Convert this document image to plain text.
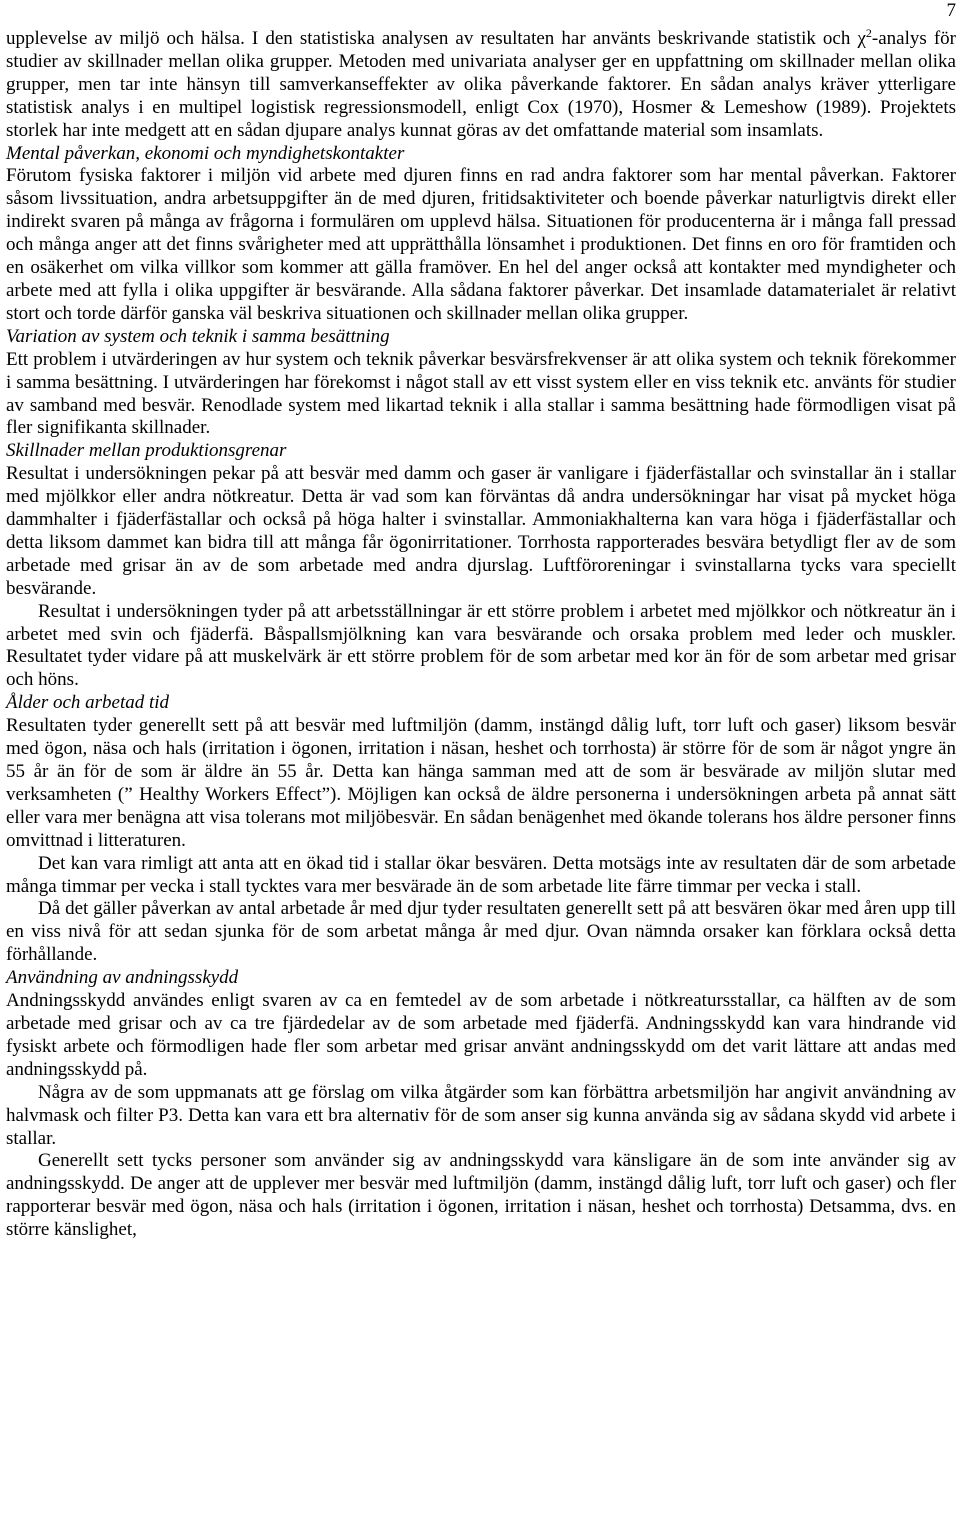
7

upplevelse av miljö och hälsa. I den statistiska analysen av resultaten har använts beskrivande statistik och $\chi^2$-analys för studier av skillnader mellan olika grupper. Metoden med univariata analyser ger en uppfattning om skillnader mellan olika grupper, men tar inte hänsyn till samverkanseffekter av olika påverkande faktorer. En sådan analys kräver ytterligare statistisk analys i en multipel logistisk regressionsmodell, enligt Cox (1970), Hosmer & Lemeshow (1989). Projektets storlek har inte medgett att en sådan djupare analys kunnat göras av det omfattande material som insamlats.

Mental påverkan, ekonomi och myndighetskontakter

Förutom fysiska faktorer i miljön vid arbete med djuren finns en rad andra faktorer som har mental påverkan. Faktorer såsom livssituation, andra arbetsuppgifter än de med djuren, fritidsaktiviteter och boende påverkar naturligtvis direkt eller indirekt svaren på många av frågorna i formulären om upplevd hälsa. Situationen för producenterna är i många fall pressad och många anger att det finns svårigheter med att upprätthålla lönsamhet i produktionen. Det finns en oro för framtiden och en osäkerhet om vilka villkor som kommer att gälla framöver. En hel del anger också att kontakter med myndigheter och arbete med att fylla i olika uppgifter är besvärande. Alla sådana faktorer påverkar. Det insamlade datamaterialet är relativt stort och torde därför ganska väl beskriva situationen och skillnader mellan olika grupper.

Variation av system och teknik i samma besättning

Ett problem i utvärderingen av hur system och teknik påverkar besvärsfrekvenser är att olika system och teknik förekommer i samma besättning. I utvärderingen har förekomst i något stall av ett visst system eller en viss teknik etc. använts för studier av samband med besvär. Renodlade system med likartad teknik i alla stallar i samma besättning hade förmodligen visat på fler signifikanta skillnader.

Skillnader mellan produktionsgrenar

Resultat i undersökningen pekar på att besvär med damm och gaser är vanligare i fjäderfästallar och svinstallar än i stallar med mjölkkor eller andra nötkreatur. Detta är vad som kan förväntas då andra undersökningar har visat på mycket höga dammhalter i fjäderfästallar och också på höga halter i svinstallar. Ammoniakhalterna kan vara höga i fjäderfästallar och detta liksom dammet kan bidra till att många får ögonirritationer. Torrhosta rapporterades besvära betydligt fler av de som arbetade med grisar än av de som arbetade med andra djurslag. Luftföroreningar i svinstallarna tycks vara speciellt besvärande.

Resultat i undersökningen tyder på att arbetsställningar är ett större problem i arbetet med mjölkkor och nötkreatur än i arbetet med svin och fjäderfä. Båspallsmjölkning kan vara besvärande och orsaka problem med leder och muskler. Resultatet tyder vidare på att muskelvärk är ett större problem för de som arbetar med kor än för de som arbetar med grisar och höns.

Ålder och arbetad tid

Resultaten tyder generellt sett på att besvär med luftmiljön (damm, instängd dålig luft, torr luft och gaser) liksom besvär med ögon, näsa och hals (irritation i ögonen, irritation i näsan, heshet och torrhosta) är större för de som är något yngre än 55 år än för de som är äldre än 55 år. Detta kan hänga samman med att de som är besvärade av miljön slutar med verksamheten (” Healthy Workers Effect”). Möjligen kan också de äldre personerna i undersökningen arbeta på annat sätt eller vara mer benägna att visa tolerans mot miljöbesvär. En sådan benägenhet med ökande tolerans hos äldre personer finns omvittnad i litteraturen.

Det kan vara rimligt att anta att en ökad tid i stallar ökar besvären. Detta motsägs inte av resultaten där de som arbetade många timmar per vecka i stall tycktes vara mer besvärade än de som arbetade lite färre timmar per vecka i stall.

Då det gäller påverkan av antal arbetade år med djur tyder resultaten generellt sett på att besvären ökar med åren upp till en viss nivå för att sedan sjunka för de som arbetat många år med djur. Ovan nämnda orsaker kan förklara också detta förhållande.

Användning av andningsskydd

Andningsskydd användes enligt svaren av ca en femtedel av de som arbetade i nötkreatursstallar, ca hälften av de som arbetade med grisar och av ca tre fjärdedelar av de som arbetade med fjäderfä. Andningsskydd kan vara hindrande vid fysiskt arbete och förmodligen hade fler som arbetar med grisar använt andningsskydd om det varit lättare att andas med andningsskydd på.

Några av de som uppmanats att ge förslag om vilka åtgärder som kan förbättra arbetsmiljön har angivit användning av halvmask och filter P3. Detta kan vara ett bra alternativ för de som anser sig kunna använda sig av sådana skydd vid arbete i stallar.

Generellt sett tycks personer som använder sig av andningsskydd vara känsligare än de som inte använder sig av andningsskydd. De anger att de upplever mer besvär med luftmiljön (damm, instängd dålig luft, torr luft och gaser) och fler rapporterar besvär med ögon, näsa och hals (irritation i ögonen, irritation i näsan, heshet och torrhosta) Detsamma, dvs. en större känslighet,
